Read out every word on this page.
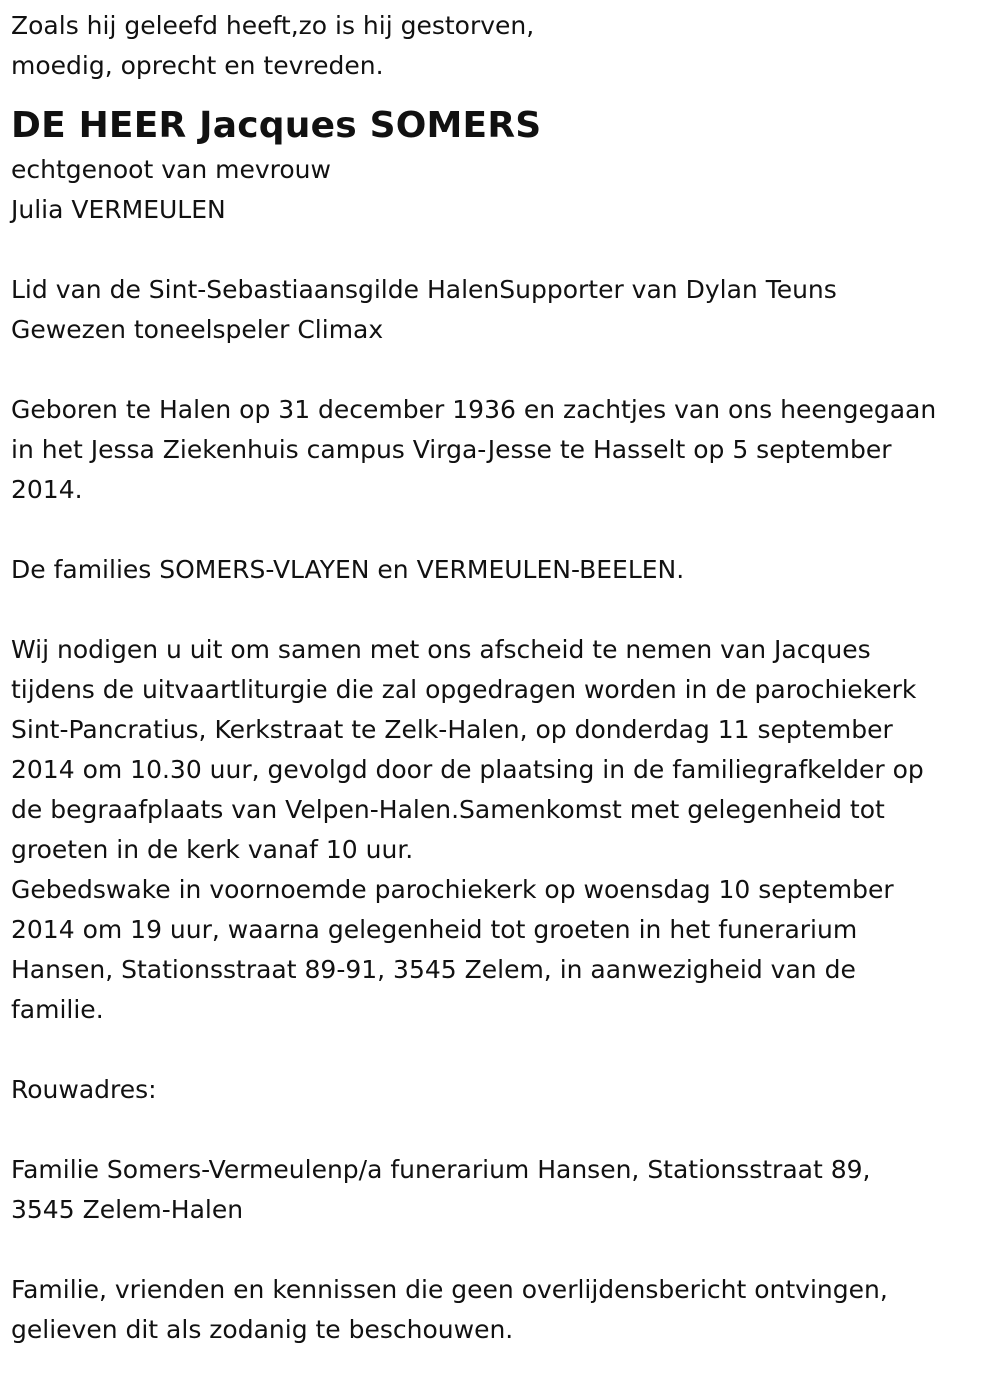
Zoals hij geleefd heeft,zo is hij gestorven,
moedig, oprecht en tevreden.

DE HEER Jacques SOMERS

echtgenoot van mevrouw
Julia VERMEULEN

Lid van de Sint-Sebastiaansgilde HalenSupporter van Dylan Teuns
Gewezen toneelspeler Climax

Geboren te Halen op 31 december 1936 en zachtjes van ons heengegaan
in het Jessa Ziekenhuis campus Virga-Jesse te Hasselt op 5 september
2014.

De families SOMERS-VLAYEN en VERMEULEN-BEELEN.

Wij nodigen u uit om samen met ons afscheid te nemen van Jacques
tijdens de uitvaartliturgie die zal opgedragen worden in de parochiekerk
Sint-Pancratius, Kerkstraat te Zelk-Halen, op donderdag 11 september
2014 om 10.30 uur, gevolgd door de plaatsing in de familiegrafkelder op
de begraafplaats van Velpen-Halen.Samenkomst met gelegenheid tot
groeten in de kerk vanaf 10 uur.
Gebedswake in voornoemde parochiekerk op woensdag 10 september
2014 om 19 uur, waarna gelegenheid tot groeten in het funerarium
Hansen, Stationsstraat 89-91, 3545 Zelem, in aanwezigheid van de
familie.

Rouwadres:

Familie Somers-Vermeulenp/a funerarium Hansen, Stationsstraat 89,
3545 Zelem-Halen

Familie, vrienden en kennissen die geen overlijdensbericht ontvingen,
gelieven dit als zodanig te beschouwen.
